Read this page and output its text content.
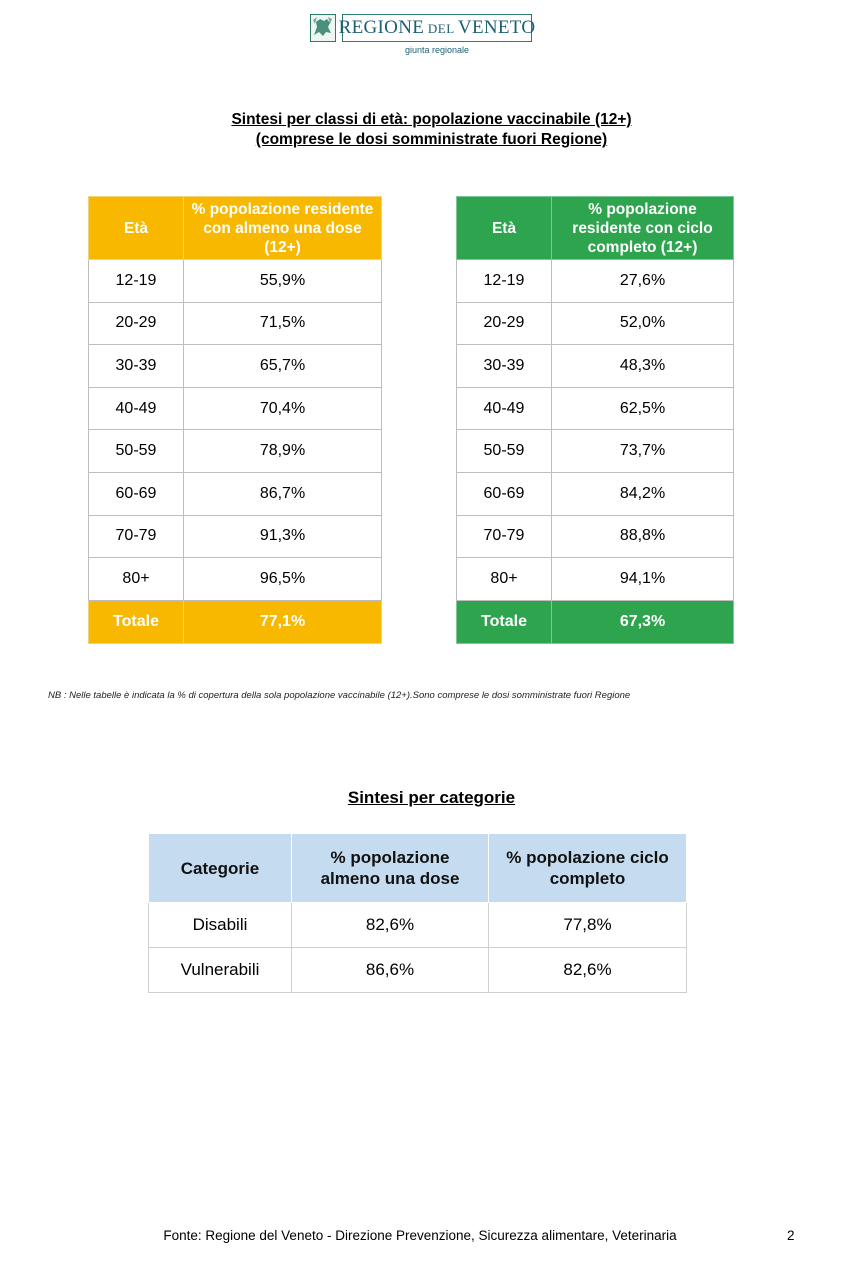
REGIONE DEL VENETO
giunta regionale
Sintesi per classi di età: popolazione vaccinabile (12+)
(comprese le dosi somministrate fuori Regione)
Età	% popolazione residente con almeno una dose (12+)
12-19	55,9%
20-29	71,5%
30-39	65,7%
40-49	70,4%
50-59	78,9%
60-69	86,7%
70-79	91,3%
80+	96,5%
Totale	77,1%
Età	% popolazione residente con ciclo completo (12+)
12-19	27,6%
20-29	52,0%
30-39	48,3%
40-49	62,5%
50-59	73,7%
60-69	84,2%
70-79	88,8%
80+	94,1%
Totale	67,3%
NB : Nelle tabelle è indicata la % di copertura della sola popolazione vaccinabile (12+).Sono comprese le dosi somministrate fuori Regione
Sintesi per categorie
Categorie	% popolazione almeno una dose	% popolazione ciclo completo
Disabili	82,6%	77,8%
Vulnerabili	86,6%	82,6%
Fonte: Regione del Veneto - Direzione Prevenzione, Sicurezza alimentare, Veterinaria	2
